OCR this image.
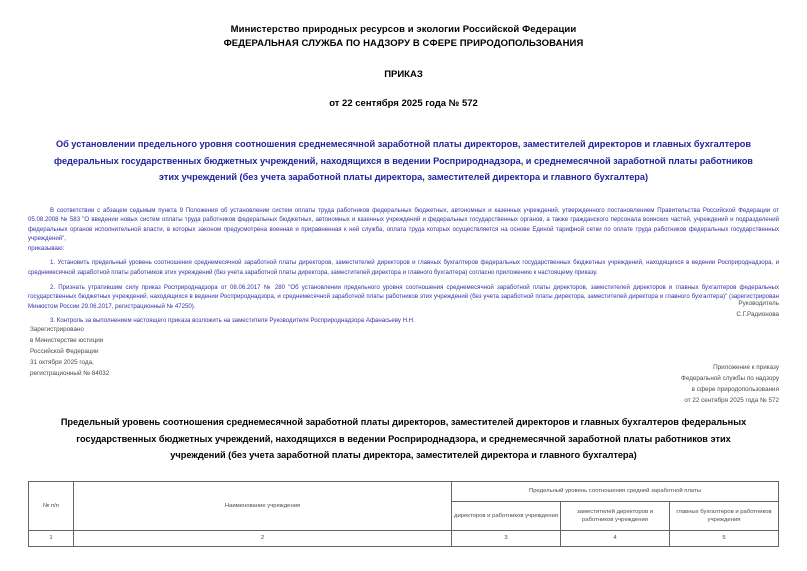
Министерство природных ресурсов и экологии Российской Федерации
ФЕДЕРАЛЬНАЯ СЛУЖБА ПО НАДЗОРУ В СФЕРЕ ПРИРОДОПОЛЬЗОВАНИЯ
ПРИКАЗ
от 22 сентября 2025 года № 572
Об установлении предельного уровня соотношения среднемесячной заработной платы директоров, заместителей директоров и главных бухгалтеров федеральных государственных бюджетных учреждений, находящихся в ведении Росприроднадзора, и среднемесячной заработной платы работников этих учреждений (без учета заработной платы директора, заместителей директора и главного бухгалтера)

В соответствии с абзацем седьмым пункта 9 Положения об установлении систем оплаты труда работников федеральных бюджетных, автономных и казенных учреждений, утвержденного постановлением Правительства Российской Федерации от 05.08.2008 № 583 "О введении новых систем оплаты труда работников федеральных бюджетных, автономных и казенных учреждений и федеральных государственных органов, а также гражданского персонала воинских частей, учреждений и подразделений федеральных органов исполнительной власти, в которых законом предусмотрена военная и приравненная к ней служба, оплата труда которых осуществляется на основе Единой тарифной сетки по оплате труда работников федеральных государственных учреждений",

приказываю:

1. Установить предельный уровень соотношения среднемесячной заработной платы директоров, заместителей директоров и главных бухгалтеров федеральных государственных бюджетных учреждений, находящихся в ведении Росприроднадзора, и среднемесячной заработной платы работников этих учреждений (без учета заработной платы директора, заместителей директора и главного бухгалтера) согласно приложению к настоящему приказу.

2. Признать утратившим силу приказ Росприроднадзора от 08.06.2017 № 280 "Об установлении предельного уровня соотношения среднемесячной заработной платы директоров, заместителей директоров и главных бухгалтеров федеральных государственных бюджетных учреждений, находящихся в ведении Росприроднадзора, и среднемесячной заработной платы работников этих учреждений (без учета заработной платы директора, заместителей директора и главного бухгалтера)" (зарегистрирован Минюстом России 29.06.2017, регистрационный № 47250).

3. Контроль за выполнением настоящего приказа возложить на заместителя Руководителя Росприроднадзора Афанасьеву Н.Н.

Руководитель
С.Г.Радионова
Зарегистрировано
в Министерстве юстиции
Российской Федерации
31 октября 2025 года,
регистрационный № 84032
Приложение к приказу
Федеральной службы по надзору
в сфере природопользования
от 22 сентября 2025 года № 572
Предельный уровень соотношения среднемесячной заработной платы директоров, заместителей директоров и главных бухгалтеров федеральных государственных бюджетных учреждений, находящихся в ведении Росприроднадзора, и среднемесячной заработной платы работников этих учреждений (без учета заработной платы директора, заместителей директора и главного бухгалтера)
№ п/п	Наименование учреждения	Предельный уровень соотношения средней заработной платы		
		директоров и работников учреждения	заместителей директоров и работников учреждения	главных бухгалтеров и работников учреждения
1	2	3	4	5
